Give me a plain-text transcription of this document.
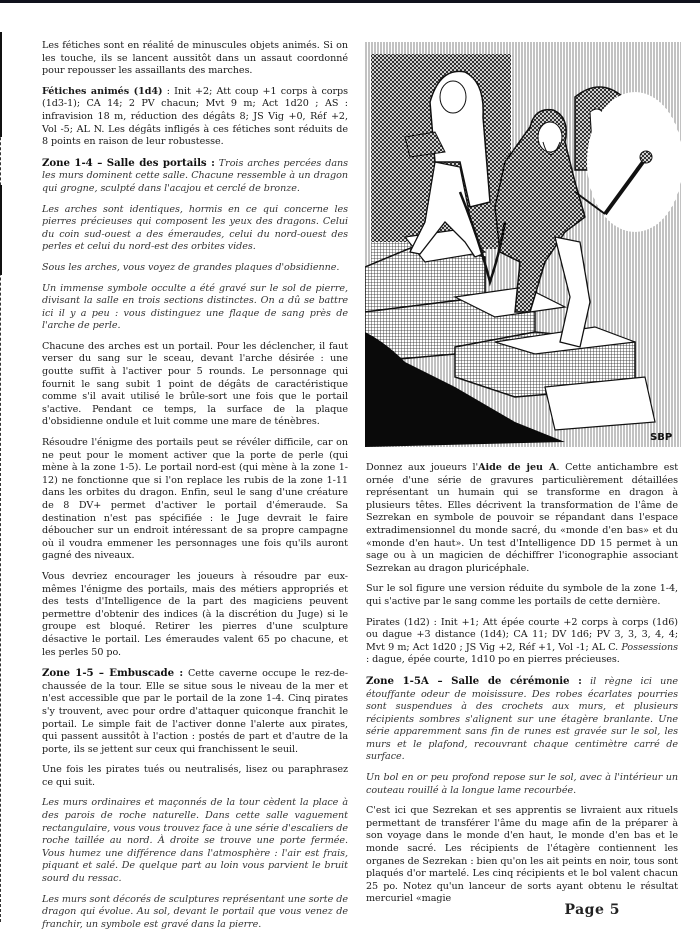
Les fétiches sont en réalité de minuscules objets animés. Si on les touche, ils se lancent aussitôt dans un assaut coordonné pour repousser les assaillants des marches.

Fétiches animés (1d4) : Init +2; Att coup +1 corps à corps (1d3-1); CA 14; 2 PV chacun; Mvt 9 m; Act 1d20 ; AS : infravision 18 m, réduction des dégâts 8; JS Vig +0, Réf +2, Vol -5; AL N. Les dégâts infligés à ces fétiches sont réduits de 8 points en raison de leur robustesse.

Zone 1-4 – Salle des portails : Trois arches percées dans les murs dominent cette salle. Chacune ressemble à un dragon qui grogne, sculpté dans l'acajou et cerclé de bronze.

Les arches sont identiques, hormis en ce qui concerne les pierres précieuses qui composent les yeux des dragons. Celui du coin sud-ouest a des émeraudes, celui du nord-ouest des perles et celui du nord-est des orbites vides.

Sous les arches, vous voyez de grandes plaques d'obsidienne.

Un immense symbole occulte a été gravé sur le sol de pierre, divisant la salle en trois sections distinctes. On a dû se battre ici il y a peu : vous distinguez une flaque de sang près de l'arche de perle.

Chacune des arches est un portail. Pour les déclencher, il faut verser du sang sur le sceau, devant l'arche désirée : une goutte suffit à l'activer pour 5 rounds. Le personnage qui fournit le sang subit 1 point de dégâts de caractéristique comme s'il avait utilisé le brûle-sort une fois que le portail s'active. Pendant ce temps, la surface de la plaque d'obsidienne ondule et luit comme une mare de ténèbres.

Résoudre l'énigme des portails peut se révéler difficile, car on ne peut pour le moment activer que la porte de perle (qui mène à la zone 1-5). Le portail nord-est (qui mène à la zone 1-12) ne fonctionne que si l'on replace les rubis de la zone 1-11 dans les orbites du dragon. Enfin, seul le sang d'une créature de 8 DV+ permet d'activer le portail d'émeraude. Sa destination n'est pas spécifiée : le Juge devrait le faire déboucher sur un endroit intéressant de sa propre campagne où il voudra emmener les personnages une fois qu'ils auront gagné des niveaux.

Vous devriez encourager les joueurs à résoudre par eux-mêmes l'énigme des portails, mais des métiers appropriés et des tests d'Intelligence de la part des magiciens peuvent permettre d'obtenir des indices (à la discrétion du Juge) si le groupe est bloqué. Retirer les pierres d'une sculpture désactive le portail. Les émeraudes valent 65 po chacune, et les perles 50 po.

Zone 1-5 – Embuscade : Cette caverne occupe le rez-de-chaussée de la tour. Elle se situe sous le niveau de la mer et n'est accessible que par le portail de la zone 1-4. Cinq pirates s'y trouvent, avec pour ordre d'attaquer quiconque franchit le portail. Le simple fait de l'activer donne l'alerte aux pirates, qui passent aussitôt à l'action : postés de part et d'autre de la porte, ils se jettent sur ceux qui franchissent le seuil.

Une fois les pirates tués ou neutralisés, lisez ou paraphrasez ce qui suit.

Les murs ordinaires et maçonnés de la tour cèdent la place à des parois de roche naturelle. Dans cette salle vaguement rectangulaire, vous vous trouvez face à une série d'escaliers de roche taillée au nord. À droite se trouve une porte fermée. Vous humez une différence dans l'atmosphère : l'air est frais, piquant et salé. De quelque part au loin vous parvient le bruit sourd du ressac.

Les murs sont décorés de sculptures représentant une sorte de dragon qui évolue. Au sol, devant le portail que vous venez de franchir, un symbole est gravé dans la pierre.

SBP

Donnez aux joueurs l'Aide de jeu A. Cette antichambre est ornée d'une série de gravures particulièrement détaillées représentant un humain qui se transforme en dragon à plusieurs têtes. Elles décrivent la transformation de l'âme de Sezrekan en symbole de pouvoir se répandant dans l'espace extradimensionnel du monde sacré, du «monde d'en bas» et du «monde d'en haut». Un test d'Intelligence DD 15 permet à un sage ou à un magicien de déchiffrer l'iconographie associant Sezrekan au dragon pluricéphale.

Sur le sol figure une version réduite du symbole de la zone 1-4, qui s'active par le sang comme les portails de cette dernière.

Pirates (1d2) : Init +1; Att épée courte +2 corps à corps (1d6) ou dague +3 distance (1d4); CA 11; DV 1d6; PV 3, 3, 3, 4, 4; Mvt 9 m; Act 1d20 ; JS Vig +2, Réf +1, Vol -1; AL C. Possessions : dague, épée courte, 1d10 po en pierres précieuses.

Zone 1-5A – Salle de cérémonie : il règne ici une étouffante odeur de moisissure. Des robes écarlates pourries sont suspendues à des crochets aux murs, et plusieurs récipients sombres s'alignent sur une étagère branlante. Une série apparemment sans fin de runes est gravée sur le sol, les murs et le plafond, recouvrant chaque centimètre carré de surface.

Un bol en or peu profond repose sur le sol, avec à l'intérieur un couteau rouillé à la longue lame recourbée.

C'est ici que Sezrekan et ses apprentis se livraient aux rituels permettant de transférer l'âme du mage afin de la préparer à son voyage dans le monde d'en haut, le monde d'en bas et le monde sacré. Les récipients de l'étagère contiennent les organes de Sezrekan : bien qu'on les ait peints en noir, tous sont plaqués d'or martelé. Les cinq récipients et le bol valent chacun 25 po. Notez qu'un lanceur de sorts ayant obtenu le résultat mercuriel «magie

Page 5
